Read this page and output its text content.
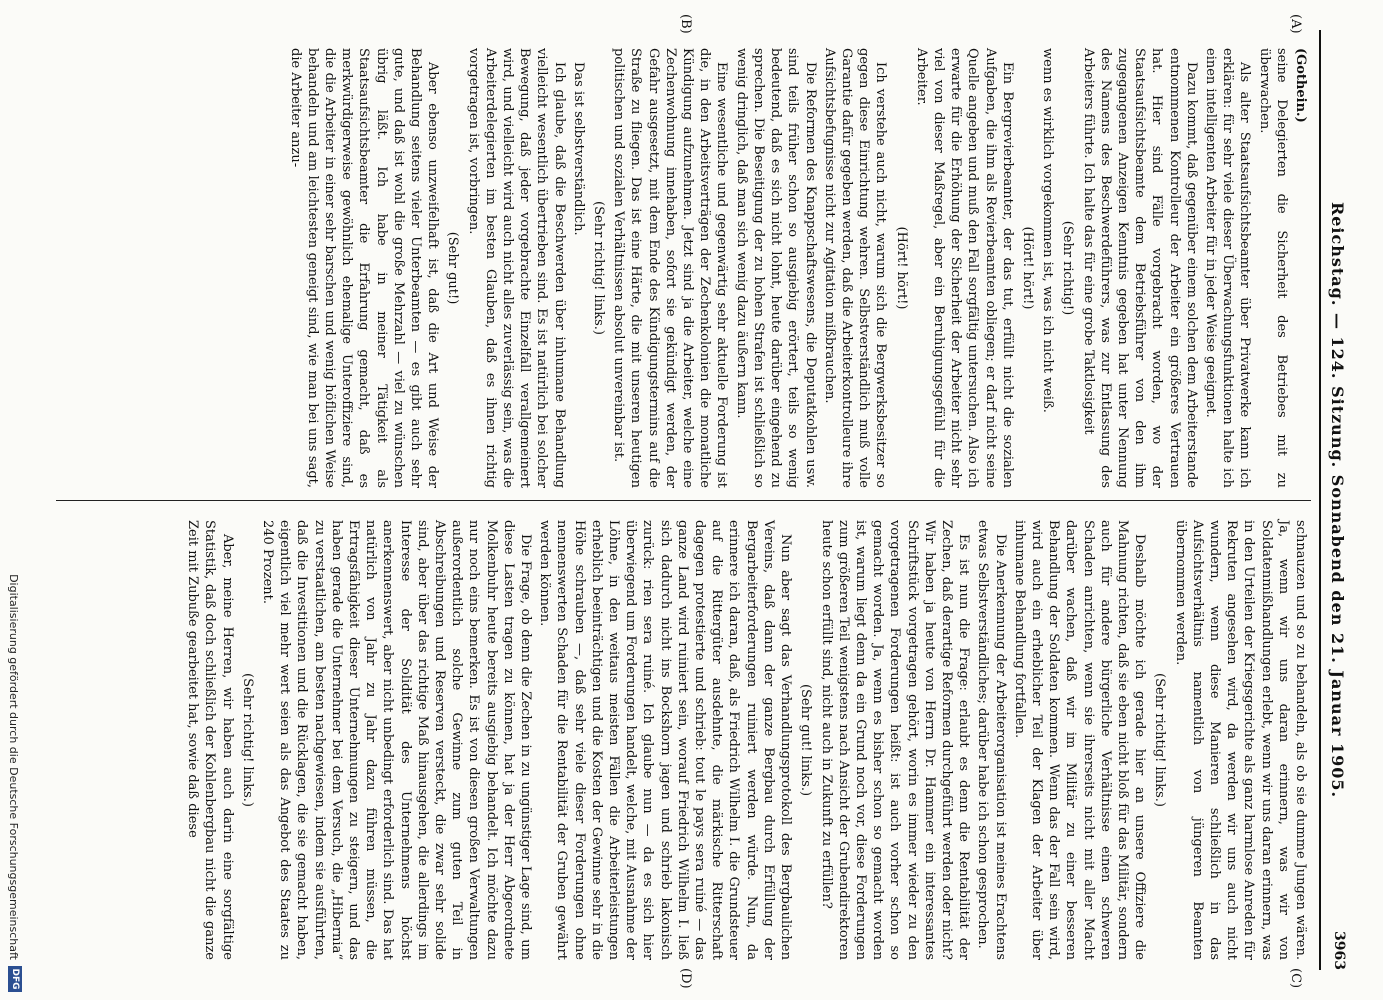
Reichstag. — 124. Sitzung. Sonnabend den 21. Januar 1905.
3963
(A)
(B)
(C)
(D)

(Gothein.)

seine Delegierten die Sicherheit des Betriebes mit zu überwachen.

Als alter Staatsaufsichtsbeamter über Privatwerke kann ich erklären: für sehr viele dieser Überwachungsfunktionen halte ich einen intelligenten Arbeiter für in jeder Weise geeignet.

Dazu kommt, daß gegenüber einem solchen dem Arbeiterstande entnommenen Kontrolleur der Arbeiter ein größeres Vertrauen hat. Hier sind Fälle vorgebracht worden, wo der Staatsaufsichtsbeamte dem Betriebsführer von den ihm zugegangenen Anzeigen Kenntnis gegeben hat unter Nennung des Namens des Beschwerdeführers, was zur Entlassung des Arbeiters führte. Ich halte das für eine grobe Taktlosigkeit

(Sehr richtig!)

wenn es wirklich vorgekommen ist, was ich nicht weiß.

(Hört! hört!)

Ein Bergrevierbeamter, der das tut, erfüllt nicht die sozialen Aufgaben, die ihm als Revierbeamten obliegen; er darf nicht seine Quelle angeben und muß den Fall sorgfältig untersuchen. Also ich erwarte für die Erhöhung der Sicherheit der Arbeiter nicht sehr viel von dieser Maßregel, aber ein Beruhigungsgefühl für die Arbeiter.

(Hört! hört!)

Ich verstehe auch nicht, warum sich die Bergwerksbesitzer so gegen diese Einrichtung wehren. Selbstverständlich muß volle Garantie dafür gegeben werden, daß die Arbeiterkontrolleure ihre Aufsichtsbefugnisse nicht zur Agitation mißbrauchen.

Die Reformen des Knappschaftswesens, die Deputatkohlen usw. sind teils früher schon so ausgiebig erörtert, teils so wenig bedeutend, daß es sich nicht lohnt, heute darüber eingehend zu sprechen. Die Beseitigung der zu hohen Strafen ist schließlich so wenig dringlich, daß man sich wenig dazu äußern kann.

Eine wesentliche und gegenwärtig sehr aktuelle Forderung ist die, in den Arbeitsverträgen der Zechenkolonien die monatliche Kündigung aufzunehmen. Jetzt sind ja die Arbeiter, welche eine Zechenwohnung innehaben, sofort sie gekündigt werden, der Gefahr ausgesetzt, mit dem Ende des Kündigungstermins auf die Straße zu fliegen. Das ist eine Härte, die mit unseren heutigen politischen und sozialen Verhältnissen absolut unvereinbar ist.

(Sehr richtig! links.)

Das ist selbstverständlich.

Ich glaube, daß die Beschwerden über inhumane Behandlung vielleicht wesentlich übertrieben sind. Es ist natürlich bei solcher Bewegung, daß jeder vorgebrachte Einzelfall verallgemeinert wird, und vielleicht wird auch nicht alles zuverlässig sein, was die Arbeiterdelegierten im besten Glauben, daß es ihnen richtig vorgetragen ist, vorbringen.

(Sehr gut!)

Aber ebenso unzweifelhaft ist, daß die Art und Weise der Behandlung seitens vieler Unterbeamten — es gibt auch sehr gute, und daß ist wohl die große Mehrzahl — viel zu wünschen übrig läßt. Ich habe in meiner Tätigkeit als Staatsaufsichtsbeamter die Erfahrung gemacht, daß es merkwürdigerweise gewöhnlich ehemalige Unteroffiziere sind, die die Arbeiter in einer sehr barschen und wenig höflichen Weise behandeln und am leichtesten geneigt sind, wie man bei uns sagt, die Arbeiter anzu-

schnauzen und so zu behandeln, als ob sie dumme Jungen wären. Ja, wenn wir uns daran erinnern, was wir von Soldatenmißhandlungen erlebt, wenn wir uns daran erinnern, was in den Urteilen der Kriegsgerichte als ganz harmlose Anreden für Rekruten angesehen wird, da werden wir uns auch nicht wundern, wenn diese Manieren schließlich in das Aufsichtsverhältnis namentlich von jüngeren Beamten übernommen werden.

(Sehr richtig! links.)

Deshalb möchte ich gerade hier an unsere Offiziere die Mahnung richten, daß sie eben nicht bloß für das Militär, sondern auch für andere bürgerliche Verhältnisse einen schweren Schaden anrichten, wenn sie ihrerseits nicht mit aller Macht darüber wachen, daß wir im Militär zu einer besseren Behandlung der Soldaten kommen. Wenn das der Fall sein wird, wird auch ein erheblicher Teil der Klagen der Arbeiter über inhumane Behandlung fortfallen.

Die Anerkennung der Arbeiterorganisation ist meines Erachtens etwas Selbstverständliches; darüber habe ich schon gesprochen.

Es ist nun die Frage: erlaubt es denn die Rentabilität der Zechen, daß derartige Reformen durchgeführt werden oder nicht? Wir haben ja heute von Herrn Dr. Hammer ein interessantes Schriftstück vorgetragen gehört, worin es immer wieder zu den vorgetragenen Forderungen heißt: ist auch vorher schon so gemacht worden. Ja, wenn es bisher schon so gemacht worden ist, warum liegt denn da ein Grund noch vor, diese Forderungen zum größeren Teil wenigstens nach Ansicht der Grubendirektoren heute schon erfüllt sind, nicht auch in Zukunft zu erfüllen?

(Sehr gut! links.)

Nun aber sagt das Verhandlungsprotokoll des Bergbaulichen Vereins, daß dann der ganze Bergbau durch Erfüllung der Bergarbeiterforderungen ruiniert werden würde. Nun, da erinnere ich daran, daß, als Friedrich Wilhelm I. die Grundsteuer auf die Rittergüter ausdehnte, die märkische Ritterschaft dagegen protestierte und schrieb: tout le pays sera ruiné — das ganze Land wird ruiniert sein, worauf Friedrich Wilhelm I. ließ sich dadurch nicht ins Bockshorn jagen und schrieb lakonisch zurück: rien sera ruiné. Ich glaube nun — da es sich hier überwiegend um Forderungen handelt, welche, mit Ausnahme der Löhne, in den weitaus meisten Fällen die Arbeiterleistungen erheblich beeinträchtigen und die Kosten der Gewinne sehr in die Höhe schrauben —, daß sehr viele dieser Forderungen ohne nennenswerten Schaden für die Rentabilität der Gruben gewährt werden können.

Die Frage, ob denn die Zechen in zu ungünstiger Lage sind, um diese Lasten tragen zu können, hat ja der Herr Abgeordnete Molkenbuhr heute bereits ausgiebig behandelt. Ich möchte dazu nur noch eins bemerken. Es ist von diesen großen Verwaltungen außerordentlich solche Gewinne zum guten Teil in Abschreibungen und Reserven versteckt, die zwar sehr solide sind, aber über das richtige Maß hinausgehen, die allerdings im Interesse der Solidität des Unternehmens höchst anerkennenswert, aber nicht unbedingt erforderlich sind. Das hat natürlich von Jahr zu Jahr dazu führen müssen, die Ertragsfähigkeit dieser Unternehmungen zu steigern, und das haben gerade die Unternehmer bei dem Versuch, die „Hibernia“ zu verstaatlichen, am besten nachgewiesen, indem sie ausführten, daß die Investitionen und die Rücklagen, die sie gemacht haben, eigentlich viel mehr wert seien als das Angebot des Staates zu 240 Prozent.

(Sehr richtig! links.)

Aber, meine Herren, wir haben auch darin eine sorgfältige Statistik, daß doch schließlich der Kohlenbergbau nicht die ganze Zeit mit Zubuße gearbeitet hat, sowie daß diese

Digitalisierung gefördert durch die Deutsche Forschungsgemeinschaft
DFG
